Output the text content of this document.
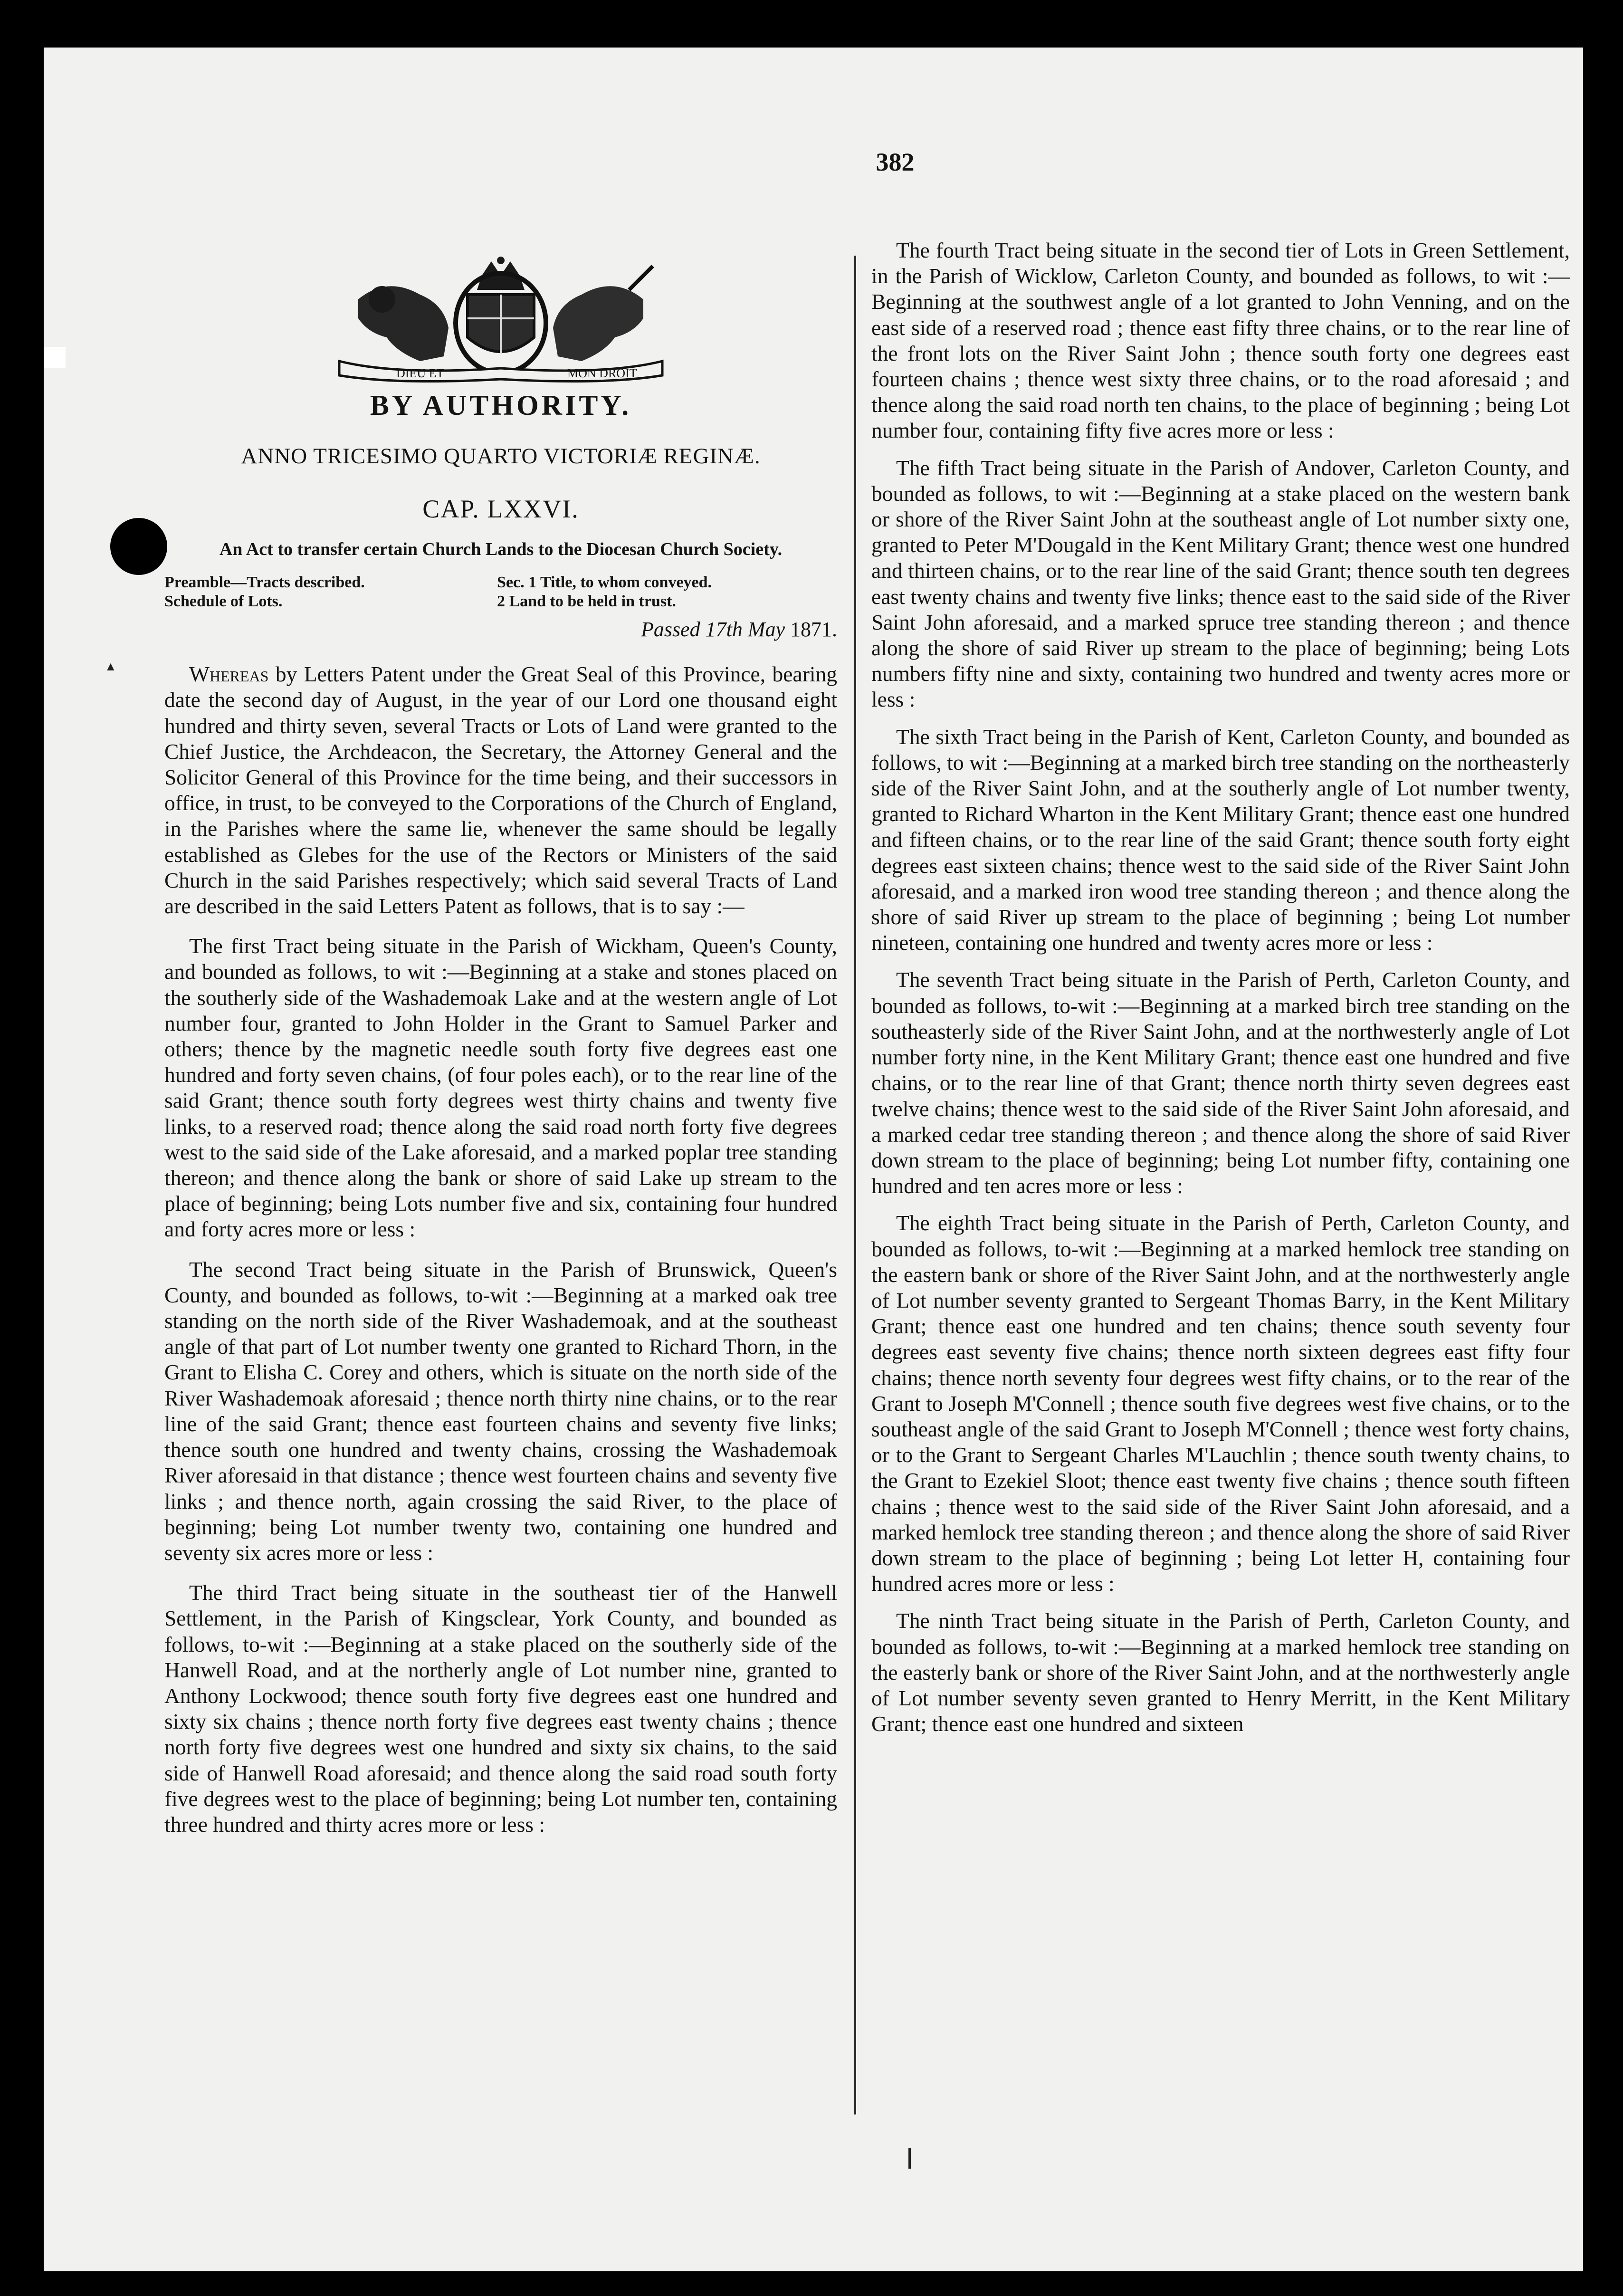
▲
382
DIEU ET	MON DROIT
BY AUTHORITY.
ANNO TRICESIMO QUARTO VICTORIÆ REGINÆ.
CAP. LXXVI.
An Act to transfer certain Church Lands to the Diocesan Church Society.
Preamble—Tracts described.
Schedule of Lots.
Sec. 1 Title, to whom conveyed.
2 Land to be held in trust.
Passed 17th May 1871.

Whereas by Letters Patent under the Great Seal of this Province, bearing date the second day of August, in the year of our Lord one thousand eight hundred and thirty seven, several Tracts or Lots of Land were granted to the Chief Justice, the Archdeacon, the Secretary, the Attorney General and the Solicitor General of this Province for the time being, and their successors in office, in trust, to be conveyed to the Corporations of the Church of England, in the Parishes where the same lie, whenever the same should be legally established as Glebes for the use of the Rectors or Ministers of the said Church in the said Parishes respectively; which said several Tracts of Land are described in the said Letters Patent as follows, that is to say :—

The first Tract being situate in the Parish of Wickham, Queen's County, and bounded as follows, to wit :—Beginning at a stake and stones placed on the southerly side of the Washademoak Lake and at the western angle of Lot number four, granted to John Holder in the Grant to Samuel Parker and others; thence by the magnetic needle south forty five degrees east one hundred and forty seven chains, (of four poles each), or to the rear line of the said Grant; thence south forty degrees west thirty chains and twenty five links, to a reserved road; thence along the said road north forty five degrees west to the said side of the Lake aforesaid, and a marked poplar tree standing thereon; and thence along the bank or shore of said Lake up stream to the place of beginning; being Lots number five and six, containing four hundred and forty acres more or less :

The second Tract being situate in the Parish of Brunswick, Queen's County, and bounded as follows, to-wit :—Beginning at a marked oak tree standing on the north side of the River Washademoak, and at the southeast angle of that part of Lot number twenty one granted to Richard Thorn, in the Grant to Elisha C. Corey and others, which is situate on the north side of the River Washademoak aforesaid ; thence north thirty nine chains, or to the rear line of the said Grant; thence east fourteen chains and seventy five links; thence south one hundred and twenty chains, crossing the Washademoak River aforesaid in that distance ; thence west fourteen chains and seventy five links ; and thence north, again crossing the said River, to the place of beginning; being Lot number twenty two, containing one hundred and seventy six acres more or less :

The third Tract being situate in the southeast tier of the Hanwell Settlement, in the Parish of Kingsclear, York County, and bounded as follows, to-wit :—Beginning at a stake placed on the southerly side of the Hanwell Road, and at the northerly angle of Lot number nine, granted to Anthony Lockwood; thence south forty five degrees east one hundred and sixty six chains ; thence north forty five degrees east twenty chains ; thence north forty five degrees west one hundred and sixty six chains, to the said side of Hanwell Road aforesaid; and thence along the said road south forty five degrees west to the place of beginning; being Lot number ten, containing three hundred and thirty acres more or less :

The fourth Tract being situate in the second tier of Lots in Green Settlement, in the Parish of Wicklow, Carleton County, and bounded as follows, to wit :—Beginning at the southwest angle of a lot granted to John Venning, and on the east side of a reserved road ; thence east fifty three chains, or to the rear line of the front lots on the River Saint John ; thence south forty one degrees east fourteen chains ; thence west sixty three chains, or to the road aforesaid ; and thence along the said road north ten chains, to the place of beginning ; being Lot number four, containing fifty five acres more or less :

The fifth Tract being situate in the Parish of Andover, Carleton County, and bounded as follows, to wit :—Beginning at a stake placed on the western bank or shore of the River Saint John at the southeast angle of Lot number sixty one, granted to Peter M'Dougald in the Kent Military Grant; thence west one hundred and thirteen chains, or to the rear line of the said Grant; thence south ten degrees east twenty chains and twenty five links; thence east to the said side of the River Saint John aforesaid, and a marked spruce tree standing thereon ; and thence along the shore of said River up stream to the place of beginning; being Lots numbers fifty nine and sixty, containing two hundred and twenty acres more or less :

The sixth Tract being in the Parish of Kent, Carleton County, and bounded as follows, to wit :—Beginning at a marked birch tree standing on the northeasterly side of the River Saint John, and at the southerly angle of Lot number twenty, granted to Richard Wharton in the Kent Military Grant; thence east one hundred and fifteen chains, or to the rear line of the said Grant; thence south forty eight degrees east sixteen chains; thence west to the said side of the River Saint John aforesaid, and a marked iron wood tree standing thereon ; and thence along the shore of said River up stream to the place of beginning ; being Lot number nineteen, containing one hundred and twenty acres more or less :

The seventh Tract being situate in the Parish of Perth, Carleton County, and bounded as follows, to-wit :—Beginning at a marked birch tree standing on the southeasterly side of the River Saint John, and at the northwesterly angle of Lot number forty nine, in the Kent Military Grant; thence east one hundred and five chains, or to the rear line of that Grant; thence north thirty seven degrees east twelve chains; thence west to the said side of the River Saint John aforesaid, and a marked cedar tree standing thereon ; and thence along the shore of said River down stream to the place of beginning; being Lot number fifty, containing one hundred and ten acres more or less :

The eighth Tract being situate in the Parish of Perth, Carleton County, and bounded as follows, to-wit :—Beginning at a marked hemlock tree standing on the eastern bank or shore of the River Saint John, and at the northwesterly angle of Lot number seventy granted to Sergeant Thomas Barry, in the Kent Military Grant; thence east one hundred and ten chains; thence south seventy four degrees east seventy five chains; thence north sixteen degrees east fifty four chains; thence north seventy four degrees west fifty chains, or to the rear of the Grant to Joseph M'Connell ; thence south five degrees west five chains, or to the southeast angle of the said Grant to Joseph M'Connell ; thence west forty chains, or to the Grant to Sergeant Charles M'Lauchlin ; thence south twenty chains, to the Grant to Ezekiel Sloot; thence east twenty five chains ; thence south fifteen chains ; thence west to the said side of the River Saint John aforesaid, and a marked hemlock tree standing thereon ; and thence along the shore of said River down stream to the place of beginning ; being Lot letter H, containing four hundred acres more or less :

The ninth Tract being situate in the Parish of Perth, Carleton County, and bounded as follows, to-wit :—Beginning at a marked hemlock tree standing on the easterly bank or shore of the River Saint John, and at the northwesterly angle of Lot number seventy seven granted to Henry Merritt, in the Kent Military Grant; thence east one hundred and sixteen
